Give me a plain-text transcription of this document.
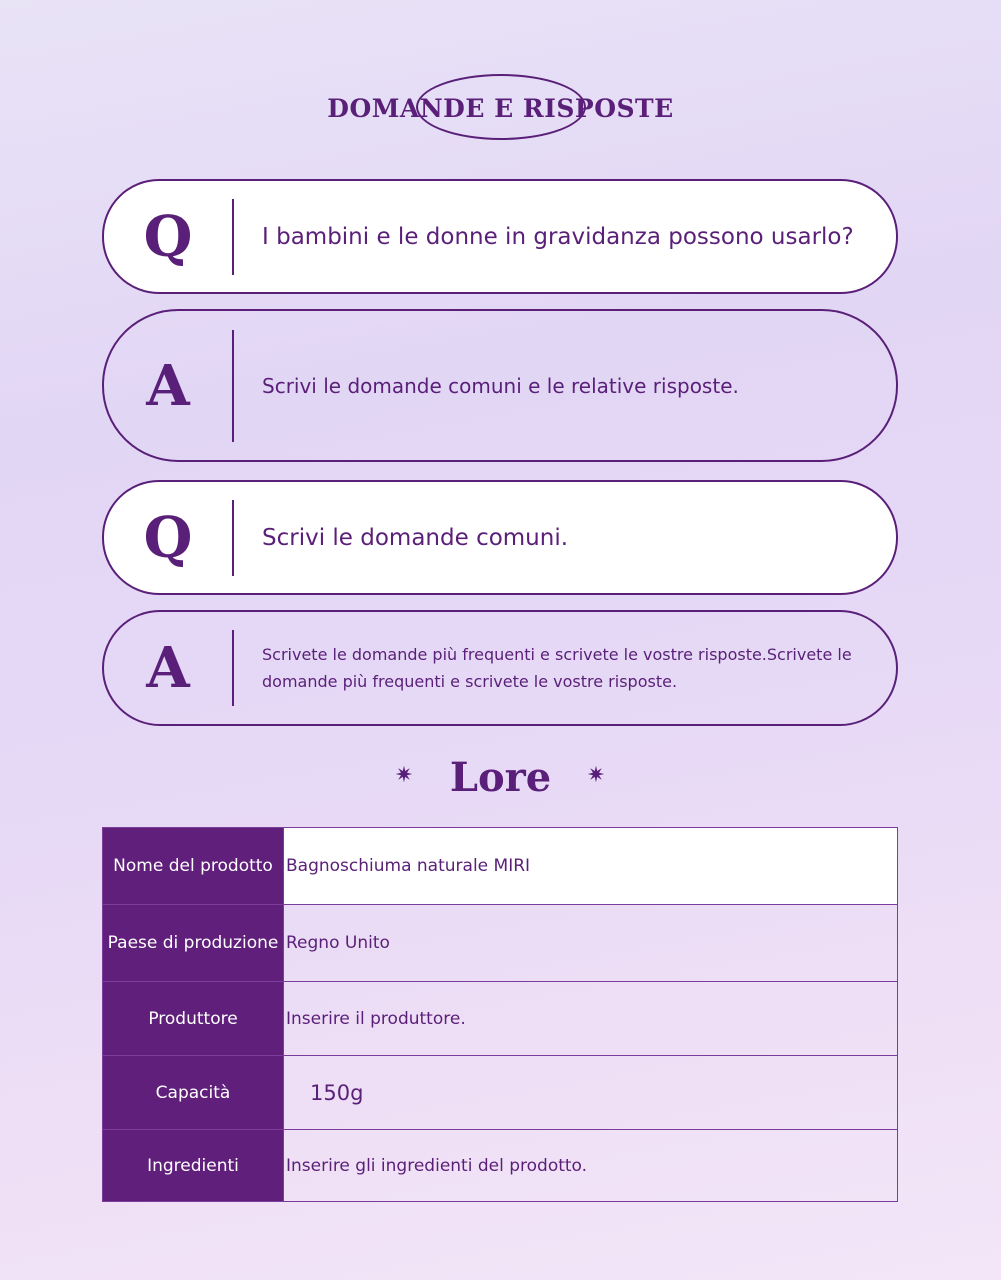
DOMANDE E RISPOSTE
Q	I bambini e le donne in gravidanza possono usarlo?
A	Scrivi le domande comuni e le relative risposte.
Q	Scrivi le domande comuni.
A	Scrivete le domande più frequenti e scrivete le vostre risposte.Scrivete le domande più frequenti e scrivete le vostre risposte.
✷ Lore	✷
Nome del prodotto	Bagnoschiuma naturale MIRI
Paese di produzione	Regno Unito
Produttore	Inserire il produttore.
Capacità	150g
Ingredienti	Inserire gli ingredienti del prodotto.
